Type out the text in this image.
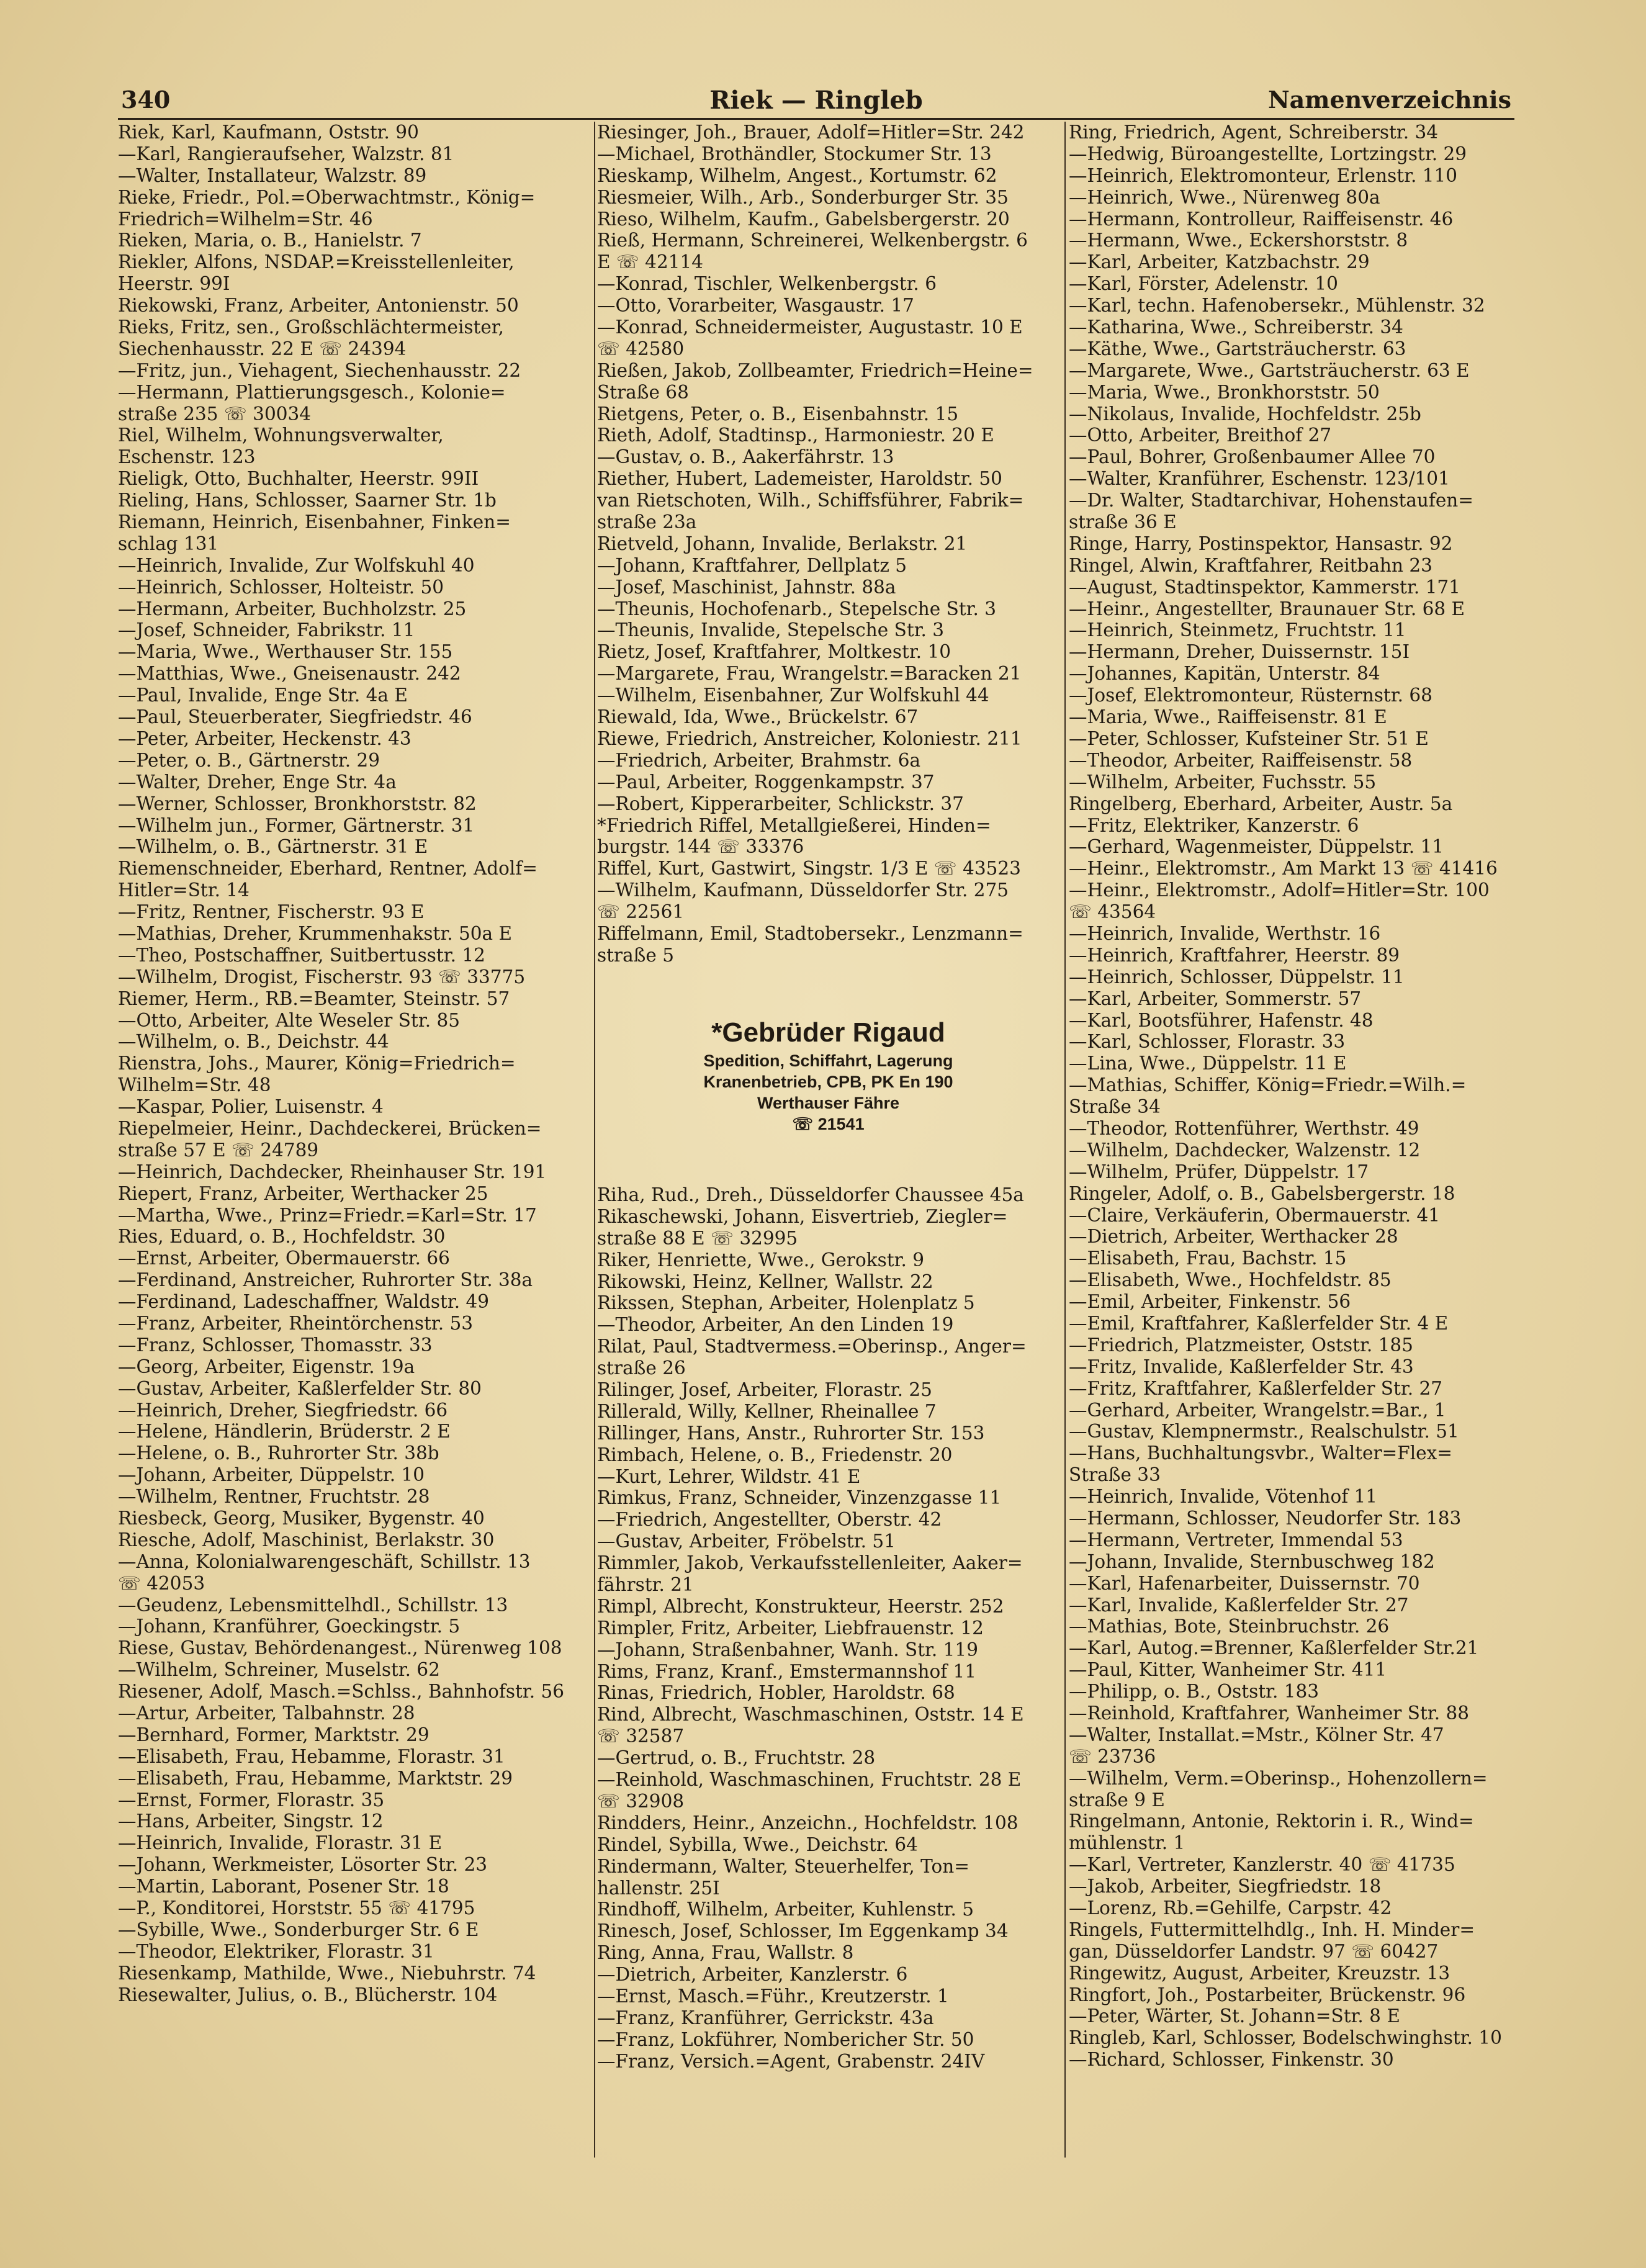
340	Riek — Ringleb	Namenverzeichnis
Riek, Karl, Kaufmann, Oststr. 90
—Karl, Rangieraufseher, Walzstr. 81
—Walter, Installateur, Walzstr. 89
Rieke, Friedr., Pol.=Oberwachtmstr., König=
Friedrich=Wilhelm=Str. 46
Rieken, Maria, o. B., Hanielstr. 7
Riekler, Alfons, NSDAP.=Kreisstellenleiter,
Heerstr. 99I
Riekowski, Franz, Arbeiter, Antonienstr. 50
Rieks, Fritz, sen., Großschlächtermeister,
Siechenhausstr. 22 E ☏ 24394
—Fritz, jun., Viehagent, Siechenhausstr. 22
—Hermann, Plattierungsgesch., Kolonie=
straße 235 ☏ 30034
Riel, Wilhelm, Wohnungsverwalter,
Eschenstr. 123
Rieligk, Otto, Buchhalter, Heerstr. 99II
Rieling, Hans, Schlosser, Saarner Str. 1b
Riemann, Heinrich, Eisenbahner, Finken=
schlag 131
—Heinrich, Invalide, Zur Wolfskuhl 40
—Heinrich, Schlosser, Holteistr. 50
—Hermann, Arbeiter, Buchholzstr. 25
—Josef, Schneider, Fabrikstr. 11
—Maria, Wwe., Werthauser Str. 155
—Matthias, Wwe., Gneisenaustr. 242
—Paul, Invalide, Enge Str. 4a E
—Paul, Steuerberater, Siegfriedstr. 46
—Peter, Arbeiter, Heckenstr. 43
—Peter, o. B., Gärtnerstr. 29
—Walter, Dreher, Enge Str. 4a
—Werner, Schlosser, Bronkhorststr. 82
—Wilhelm jun., Former, Gärtnerstr. 31
—Wilhelm, o. B., Gärtnerstr. 31 E
Riemenschneider, Eberhard, Rentner, Adolf=
Hitler=Str. 14
—Fritz, Rentner, Fischerstr. 93 E
—Mathias, Dreher, Krummenhakstr. 50a E
—Theo, Postschaffner, Suitbertusstr. 12
—Wilhelm, Drogist, Fischerstr. 93 ☏ 33775
Riemer, Herm., RB.=Beamter, Steinstr. 57
—Otto, Arbeiter, Alte Weseler Str. 85
—Wilhelm, o. B., Deichstr. 44
Rienstra, Johs., Maurer, König=Friedrich=
Wilhelm=Str. 48
—Kaspar, Polier, Luisenstr. 4
Riepelmeier, Heinr., Dachdeckerei, Brücken=
straße 57 E ☏ 24789
—Heinrich, Dachdecker, Rheinhauser Str. 191
Riepert, Franz, Arbeiter, Werthacker 25
—Martha, Wwe., Prinz=Friedr.=Karl=Str. 17
Ries, Eduard, o. B., Hochfeldstr. 30
—Ernst, Arbeiter, Obermauerstr. 66
—Ferdinand, Anstreicher, Ruhrorter Str. 38a
—Ferdinand, Ladeschaffner, Waldstr. 49
—Franz, Arbeiter, Rheintörchenstr. 53
—Franz, Schlosser, Thomasstr. 33
—Georg, Arbeiter, Eigenstr. 19a
—Gustav, Arbeiter, Kaßlerfelder Str. 80
—Heinrich, Dreher, Siegfriedstr. 66
—Helene, Händlerin, Brüderstr. 2 E
—Helene, o. B., Ruhrorter Str. 38b
—Johann, Arbeiter, Düppelstr. 10
—Wilhelm, Rentner, Fruchtstr. 28
Riesbeck, Georg, Musiker, Bygenstr. 40
Riesche, Adolf, Maschinist, Berlakstr. 30
—Anna, Kolonialwarengeschäft, Schillstr. 13
☏ 42053
—Geudenz, Lebensmittelhdl., Schillstr. 13
—Johann, Kranführer, Goeckingstr. 5
Riese, Gustav, Behördenangest., Nürenweg 108
—Wilhelm, Schreiner, Muselstr. 62
Riesener, Adolf, Masch.=Schlss., Bahnhofstr. 56
—Artur, Arbeiter, Talbahnstr. 28
—Bernhard, Former, Marktstr. 29
—Elisabeth, Frau, Hebamme, Florastr. 31
—Elisabeth, Frau, Hebamme, Marktstr. 29
—Ernst, Former, Florastr. 35
—Hans, Arbeiter, Singstr. 12
—Heinrich, Invalide, Florastr. 31 E
—Johann, Werkmeister, Lösorter Str. 23
—Martin, Laborant, Posener Str. 18
—P., Konditorei, Horststr. 55 ☏ 41795
—Sybille, Wwe., Sonderburger Str. 6 E
—Theodor, Elektriker, Florastr. 31
Riesenkamp, Mathilde, Wwe., Niebuhrstr. 74
Riesewalter, Julius, o. B., Blücherstr. 104
Riesinger, Joh., Brauer, Adolf=Hitler=Str. 242
—Michael, Brothändler, Stockumer Str. 13
Rieskamp, Wilhelm, Angest., Kortumstr. 62
Riesmeier, Wilh., Arb., Sonderburger Str. 35
Rieso, Wilhelm, Kaufm., Gabelsbergerstr. 20
Rieß, Hermann, Schreinerei, Welkenbergstr. 6
E ☏ 42114
—Konrad, Tischler, Welkenbergstr. 6
—Otto, Vorarbeiter, Wasgaustr. 17
—Konrad, Schneidermeister, Augustastr. 10 E
☏ 42580
Rießen, Jakob, Zollbeamter, Friedrich=Heine=
Straße 68
Rietgens, Peter, o. B., Eisenbahnstr. 15
Rieth, Adolf, Stadtinsp., Harmoniestr. 20 E
—Gustav, o. B., Aakerfährstr. 13
Riether, Hubert, Lademeister, Haroldstr. 50
van Rietschoten, Wilh., Schiffsführer, Fabrik=
straße 23a
Rietveld, Johann, Invalide, Berlakstr. 21
—Johann, Kraftfahrer, Dellplatz 5
—Josef, Maschinist, Jahnstr. 88a
—Theunis, Hochofenarb., Stepelsche Str. 3
—Theunis, Invalide, Stepelsche Str. 3
Rietz, Josef, Kraftfahrer, Moltkestr. 10
—Margarete, Frau, Wrangelstr.=Baracken 21
—Wilhelm, Eisenbahner, Zur Wolfskuhl 44
Riewald, Ida, Wwe., Brückelstr. 67
Riewe, Friedrich, Anstreicher, Koloniestr. 211
—Friedrich, Arbeiter, Brahmstr. 6a
—Paul, Arbeiter, Roggenkampstr. 37
—Robert, Kipperarbeiter, Schlickstr. 37
*Friedrich Riffel, Metallgießerei, Hinden=
burgstr. 144 ☏ 33376
Riffel, Kurt, Gastwirt, Singstr. 1/3 E ☏ 43523
—Wilhelm, Kaufmann, Düsseldorfer Str. 275
☏ 22561
Riffelmann, Emil, Stadtobersekr., Lenzmann=
straße 5
*Gebrüder Rigaud
Spedition, Schiffahrt, Lagerung
Kranenbetrieb, CPB, PK En 190
Werthauser Fähre
☏ 21541
Riha, Rud., Dreh., Düsseldorfer Chaussee 45a
Rikaschewski, Johann, Eisvertrieb, Ziegler=
straße 88 E ☏ 32995
Riker, Henriette, Wwe., Gerokstr. 9
Rikowski, Heinz, Kellner, Wallstr. 22
Rikssen, Stephan, Arbeiter, Holenplatz 5
—Theodor, Arbeiter, An den Linden 19
Rilat, Paul, Stadtvermess.=Oberinsp., Anger=
straße 26
Rilinger, Josef, Arbeiter, Florastr. 25
Rillerald, Willy, Kellner, Rheinallee 7
Rillinger, Hans, Anstr., Ruhrorter Str. 153
Rimbach, Helene, o. B., Friedenstr. 20
—Kurt, Lehrer, Wildstr. 41 E
Rimkus, Franz, Schneider, Vinzenzgasse 11
—Friedrich, Angestellter, Oberstr. 42
—Gustav, Arbeiter, Fröbelstr. 51
Rimmler, Jakob, Verkaufsstellenleiter, Aaker=
fährstr. 21
Rimpl, Albrecht, Konstrukteur, Heerstr. 252
Rimpler, Fritz, Arbeiter, Liebfrauenstr. 12
—Johann, Straßenbahner, Wanh. Str. 119
Rims, Franz, Kranf., Emstermannshof 11
Rinas, Friedrich, Hobler, Haroldstr. 68
Rind, Albrecht, Waschmaschinen, Oststr. 14 E
☏ 32587
—Gertrud, o. B., Fruchtstr. 28
—Reinhold, Waschmaschinen, Fruchtstr. 28 E
☏ 32908
Rindders, Heinr., Anzeichn., Hochfeldstr. 108
Rindel, Sybilla, Wwe., Deichstr. 64
Rindermann, Walter, Steuerhelfer, Ton=
hallenstr. 25I
Rindhoff, Wilhelm, Arbeiter, Kuhlenstr. 5
Rinesch, Josef, Schlosser, Im Eggenkamp 34
Ring, Anna, Frau, Wallstr. 8
—Dietrich, Arbeiter, Kanzlerstr. 6
—Ernst, Masch.=Führ., Kreutzerstr. 1
—Franz, Kranführer, Gerrickstr. 43a
—Franz, Lokführer, Nombericher Str. 50
—Franz, Versich.=Agent, Grabenstr. 24IV
Ring, Friedrich, Agent, Schreiberstr. 34
—Hedwig, Büroangestellte, Lortzingstr. 29
—Heinrich, Elektromonteur, Erlenstr. 110
—Heinrich, Wwe., Nürenweg 80a
—Hermann, Kontrolleur, Raiffeisenstr. 46
—Hermann, Wwe., Eckershorststr. 8
—Karl, Arbeiter, Katzbachstr. 29
—Karl, Förster, Adelenstr. 10
—Karl, techn. Hafenobersekr., Mühlenstr. 32
—Katharina, Wwe., Schreiberstr. 34
—Käthe, Wwe., Gartsträucherstr. 63
—Margarete, Wwe., Gartsträucherstr. 63 E
—Maria, Wwe., Bronkhorststr. 50
—Nikolaus, Invalide, Hochfeldstr. 25b
—Otto, Arbeiter, Breithof 27
—Paul, Bohrer, Großenbaumer Allee 70
—Walter, Kranführer, Eschenstr. 123/101
—Dr. Walter, Stadtarchivar, Hohenstaufen=
straße 36 E
Ringe, Harry, Postinspektor, Hansastr. 92
Ringel, Alwin, Kraftfahrer, Reitbahn 23
—August, Stadtinspektor, Kammerstr. 171
—Heinr., Angestellter, Braunauer Str. 68 E
—Heinrich, Steinmetz, Fruchtstr. 11
—Hermann, Dreher, Duissernstr. 15I
—Johannes, Kapitän, Unterstr. 84
—Josef, Elektromonteur, Rüsternstr. 68
—Maria, Wwe., Raiffeisenstr. 81 E
—Peter, Schlosser, Kufsteiner Str. 51 E
—Theodor, Arbeiter, Raiffeisenstr. 58
—Wilhelm, Arbeiter, Fuchsstr. 55
Ringelberg, Eberhard, Arbeiter, Austr. 5a
—Fritz, Elektriker, Kanzerstr. 6
—Gerhard, Wagenmeister, Düppelstr. 11
—Heinr., Elektromstr., Am Markt 13 ☏ 41416
—Heinr., Elektromstr., Adolf=Hitler=Str. 100
☏ 43564
—Heinrich, Invalide, Werthstr. 16
—Heinrich, Kraftfahrer, Heerstr. 89
—Heinrich, Schlosser, Düppelstr. 11
—Karl, Arbeiter, Sommerstr. 57
—Karl, Bootsführer, Hafenstr. 48
—Karl, Schlosser, Florastr. 33
—Lina, Wwe., Düppelstr. 11 E
—Mathias, Schiffer, König=Friedr.=Wilh.=
Straße 34
—Theodor, Rottenführer, Werthstr. 49
—Wilhelm, Dachdecker, Walzenstr. 12
—Wilhelm, Prüfer, Düppelstr. 17
Ringeler, Adolf, o. B., Gabelsbergerstr. 18
—Claire, Verkäuferin, Obermauerstr. 41
—Dietrich, Arbeiter, Werthacker 28
—Elisabeth, Frau, Bachstr. 15
—Elisabeth, Wwe., Hochfeldstr. 85
—Emil, Arbeiter, Finkenstr. 56
—Emil, Kraftfahrer, Kaßlerfelder Str. 4 E
—Friedrich, Platzmeister, Oststr. 185
—Fritz, Invalide, Kaßlerfelder Str. 43
—Fritz, Kraftfahrer, Kaßlerfelder Str. 27
—Gerhard, Arbeiter, Wrangelstr.=Bar., 1
—Gustav, Klempnermstr., Realschulstr. 51
—Hans, Buchhaltungsvbr., Walter=Flex=
Straße 33
—Heinrich, Invalide, Vötenhof 11
—Hermann, Schlosser, Neudorfer Str. 183
—Hermann, Vertreter, Immendal 53
—Johann, Invalide, Sternbuschweg 182
—Karl, Hafenarbeiter, Duissernstr. 70
—Karl, Invalide, Kaßlerfelder Str. 27
—Mathias, Bote, Steinbruchstr. 26
—Karl, Autog.=Brenner, Kaßlerfelder Str.21
—Paul, Kitter, Wanheimer Str. 411
—Philipp, o. B., Oststr. 183
—Reinhold, Kraftfahrer, Wanheimer Str. 88
—Walter, Installat.=Mstr., Kölner Str. 47
☏ 23736
—Wilhelm, Verm.=Oberinsp., Hohenzollern=
straße 9 E
Ringelmann, Antonie, Rektorin i. R., Wind=
mühlenstr. 1
—Karl, Vertreter, Kanzlerstr. 40 ☏ 41735
—Jakob, Arbeiter, Siegfriedstr. 18
—Lorenz, Rb.=Gehilfe, Carpstr. 42
Ringels, Futtermittelhdlg., Inh. H. Minder=
gan, Düsseldorfer Landstr. 97 ☏ 60427
Ringewitz, August, Arbeiter, Kreuzstr. 13
Ringfort, Joh., Postarbeiter, Brückenstr. 96
—Peter, Wärter, St. Johann=Str. 8 E
Ringleb, Karl, Schlosser, Bodelschwinghstr. 10
—Richard, Schlosser, Finkenstr. 30
